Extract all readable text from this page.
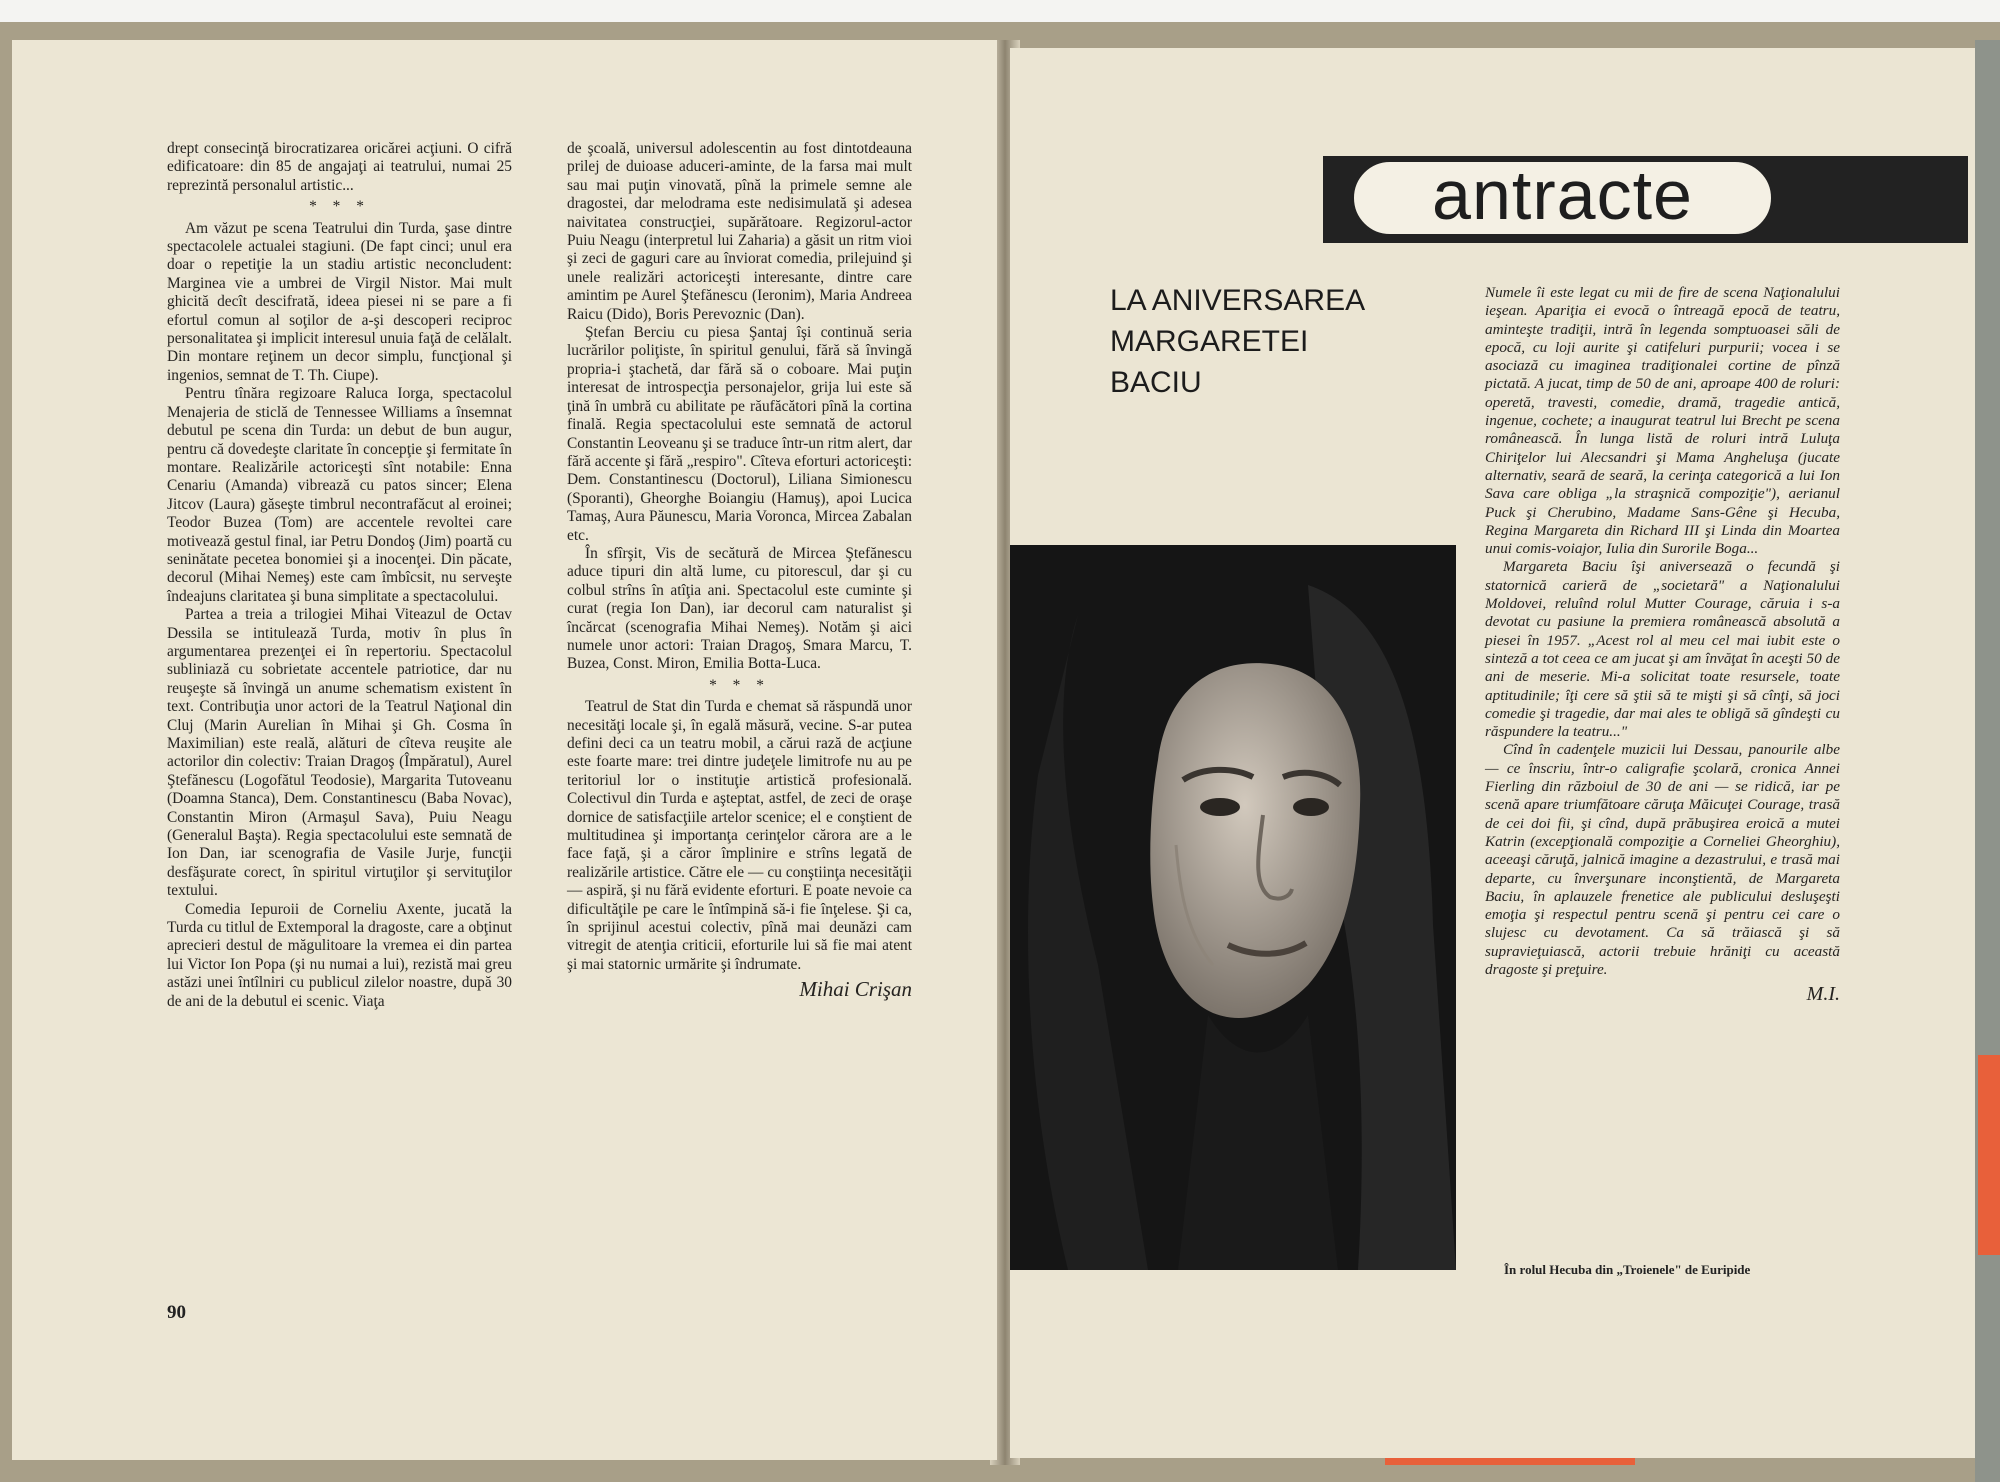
drept consecinţă birocratizarea oricărei acţiuni. O cifră edificatoare: din 85 de angajaţi ai teatrului, numai 25 reprezintă personalul artistic...

* * *

Am văzut pe scena Teatrului din Turda, şase dintre spectacolele actualei stagiuni. (De fapt cinci; unul era doar o repetiţie la un stadiu artistic neconcludent: Marginea vie a umbrei de Virgil Nistor. Mai mult ghicită decît descifrată, ideea piesei ni se pare a fi efortul comun al soţilor de a-şi descoperi reciproc personalitatea şi implicit interesul unuia faţă de celălalt. Din montare reţinem un decor simplu, funcţional şi ingenios, semnat de T. Th. Ciupe).

Pentru tînăra regizoare Raluca Iorga, spectacolul Menajeria de sticlă de Tennessee Williams a însemnat debutul pe scena din Turda: un debut de bun augur, pentru că dovedeşte claritate în concepţie şi fermitate în montare. Realizările actoriceşti sînt notabile: Enna Cenariu (Amanda) vibrează cu patos sincer; Elena Jitcov (Laura) găseşte timbrul necontrafăcut al eroinei; Teodor Buzea (Tom) are accentele revoltei care motivează gestul final, iar Petru Dondoş (Jim) poartă cu seninătate pecetea bonomiei şi a inocenţei. Din păcate, decorul (Mihai Nemeş) este cam îmbîcsit, nu serveşte îndeajuns claritatea şi buna simplitate a spectacolului.

Partea a treia a trilogiei Mihai Viteazul de Octav Dessila se intitulează Turda, motiv în plus în argumentarea prezenţei ei în repertoriu. Spectacolul subliniază cu sobrietate accentele patriotice, dar nu reuşeşte să învingă un anume schematism existent în text. Contribuţia unor actori de la Teatrul Naţional din Cluj (Marin Aurelian în Mihai şi Gh. Cosma în Maximilian) este reală, alături de cîteva reuşite ale actorilor din colectiv: Traian Dragoş (Împăratul), Aurel Ştefănescu (Logofătul Teodosie), Margarita Tutoveanu (Doamna Stanca), Dem. Constantinescu (Baba Novac), Constantin Miron (Armaşul Sava), Puiu Neagu (Generalul Başta). Regia spectacolului este semnată de Ion Dan, iar scenografia de Vasile Jurje, funcţii desfăşurate corect, în spiritul virtuţilor şi servituţilor textului.

Comedia Iepuroii de Corneliu Axente, jucată la Turda cu titlul de Extemporal la dragoste, care a obţinut aprecieri destul de măgulitoare la vremea ei din partea lui Victor Ion Popa (şi nu numai a lui), rezistă mai greu astăzi unei întîlniri cu publicul zilelor noastre, după 30 de ani de la debutul ei scenic. Viaţa

de şcoală, universul adolescentin au fost dintotdeauna prilej de duioase aduceri-aminte, de la farsa mai mult sau mai puţin vinovată, pînă la primele semne ale dragostei, dar melodrama este nedisimulată şi adesea naivitatea construcţiei, supărătoare. Regizorul-actor Puiu Neagu (interpretul lui Zaharia) a găsit un ritm vioi şi zeci de gaguri care au înviorat comedia, prilejuind şi unele realizări actoriceşti interesante, dintre care amintim pe Aurel Ştefănescu (Ieronim), Maria Andreea Raicu (Dido), Boris Perevoznic (Dan).

Ştefan Berciu cu piesa Şantaj îşi continuă seria lucrărilor poliţiste, în spiritul genului, fără să învingă propria-i ştachetă, dar fără să o coboare. Mai puţin interesat de introspecţia personajelor, grija lui este să ţină în umbră cu abilitate pe răufăcători pînă la cortina finală. Regia spectacolului este semnată de actorul Constantin Leoveanu şi se traduce într-un ritm alert, dar fără accente şi fără „respiro". Cîteva eforturi actoriceşti: Dem. Constantinescu (Doctorul), Liliana Simionescu (Sporanti), Gheorghe Boiangiu (Hamuş), apoi Lucica Tamaş, Aura Păunescu, Maria Voronca, Mircea Zabalan etc.

În sfîrşit, Vis de secătură de Mircea Ştefănescu aduce tipuri din altă lume, cu pitorescul, dar şi cu colbul strîns în atîţia ani. Spectacolul este cuminte şi curat (regia Ion Dan), iar decorul cam naturalist şi încărcat (scenografia Mihai Nemeş). Notăm şi aici numele unor actori: Traian Dragoş, Smara Marcu, T. Buzea, Const. Miron, Emilia Botta-Luca.

* * *

Teatrul de Stat din Turda e chemat să răspundă unor necesităţi locale şi, în egală măsură, vecine. S-ar putea defini deci ca un teatru mobil, a cărui rază de acţiune este foarte mare: trei dintre judeţele limitrofe nu au pe teritoriul lor o instituţie artistică profesională. Colectivul din Turda e aşteptat, astfel, de zeci de oraşe dornice de satisfacţiile artelor scenice; el e conştient de multitudinea şi importanţa cerinţelor cărora are a le face faţă, şi a căror împlinire e strîns legată de realizările artistice. Către ele — cu conştiinţa necesităţii — aspiră, şi nu fără evidente eforturi. E poate nevoie ca dificultăţile pe care le întîmpină să-i fie înţelese. Şi ca, în sprijinul acestui colectiv, pînă mai deunăzi cam vitregit de atenţia criticii, eforturile lui să fie mai atent şi mai statornic urmărite şi îndrumate.

Mihai Crişan
90
antracte
LA ANIVERSAREA
MARGARETEI
BACIU

Numele îi este legat cu mii de fire de scena Naţionalului ieşean. Apariţia ei evocă o întreagă epocă de teatru, aminteşte tradiţii, intră în legenda somptuoasei săli de epocă, cu loji aurite şi catifeluri purpurii; vocea i se asociază cu imaginea tradiţionalei cortine de pînză pictată. A jucat, timp de 50 de ani, aproape 400 de roluri: operetă, travesti, comedie, dramă, tragedie antică, ingenue, cochete; a inaugurat teatrul lui Brecht pe scena românească. În lunga listă de roluri intră Luluţa Chiriţelor lui Alecsandri şi Mama Angheluşa (jucate alternativ, seară de seară, la cerinţa categorică a lui Ion Sava care obliga „la straşnică compoziţie"), aerianul Puck şi Cherubino, Madame Sans-Gêne şi Hecuba, Regina Margareta din Richard III şi Linda din Moartea unui comis-voiajor, Iulia din Surorile Boga...

Margareta Baciu îşi aniversează o fecundă şi statornică carieră de „societară" a Naţionalului Moldovei, reluînd rolul Mutter Courage, căruia i s-a devotat cu pasiune la premiera românească absolută a piesei în 1957. „Acest rol al meu cel mai iubit este o sinteză a tot ceea ce am jucat şi am învăţat în aceşti 50 de ani de meserie. Mi-a solicitat toate resursele, toate aptitudinile; îţi cere să ştii să te mişti şi să cînţi, să joci comedie şi tragedie, dar mai ales te obligă să gîndeşti cu răspundere la teatru..."

Cînd în cadenţele muzicii lui Dessau, panourile albe — ce înscriu, într-o caligrafie şcolară, cronica Annei Fierling din războiul de 30 de ani — se ridică, iar pe scenă apare triumfătoare căruţa Măicuţei Courage, trasă de cei doi fii, şi cînd, după prăbuşirea eroică a mutei Katrin (excepţională compoziţie a Corneliei Gheorghiu), aceeaşi căruţă, jalnică imagine a dezastrului, e trasă mai departe, cu înverşunare inconştientă, de Margareta Baciu, în aplauzele frenetice ale publicului desluşeşti emoţia şi respectul pentru scenă şi pentru cei care o slujesc cu devotament. Ca să trăiască şi să supravieţuiască, actorii trebuie hrăniţi cu această dragoste şi preţuire.

M.I.
În rolul Hecuba din „Troienele" de Euripide
